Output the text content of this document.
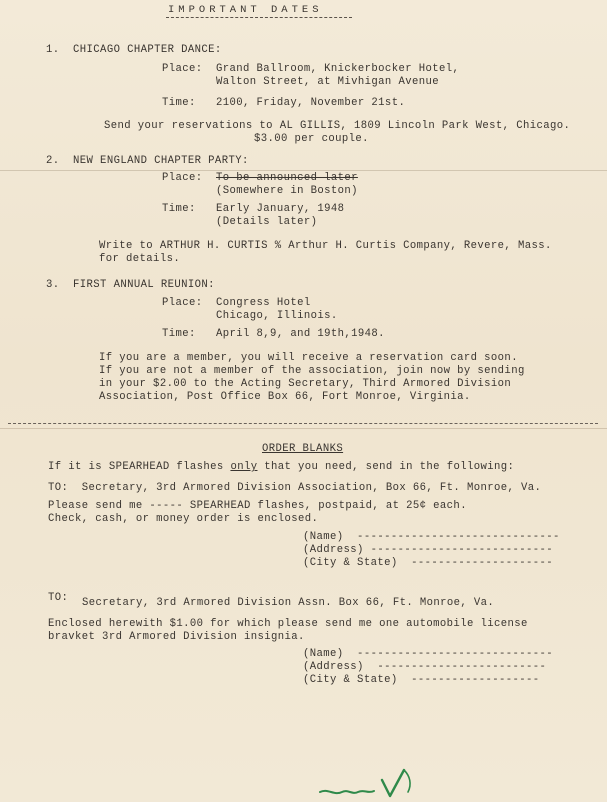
IMPORTANT DATES
1.  CHICAGO CHAPTER DANCE:
Place: Grand Ballroom, Knickerbocker Hotel,
Walton Street, at Mivhigan Avenue
Time: 2100, Friday, November 21st.
Send your reservations to AL GILLIS, 1809 Lincoln Park West, Chicago.
$3.00 per couple.
2.  NEW ENGLAND CHAPTER PARTY:
Place: To be announced later
(Somewhere in Boston)
Time: Early January, 1948
(Details later)
Write to ARTHUR H. CURTIS % Arthur H. Curtis Company, Revere, Mass.
for details.
3.  FIRST ANNUAL REUNION:
Place: Congress Hotel
Chicago, Illinois.
Time: April 8,9, and 19th,1948.
If you are a member, you will receive a reservation card soon.
If you are not a member of the association, join now by sending
in your $2.00 to the Acting Secretary, Third Armored Division
Association, Post Office Box 66, Fort Monroe, Virginia.
ORDER BLANKS
If it is SPEARHEAD flashes only that you need, send in the following:
TO:  Secretary, 3rd Armored Division Association, Box 66, Ft. Monroe, Va.
Please send me ----- SPEARHEAD flashes, postpaid, at 25¢ each.
Check, cash, or money order is enclosed.
(Name)  ------------------------------
(Address) ---------------------------
(City & State)  ---------------------
TO: Secretary, 3rd Armored Division Assn. Box 66, Ft. Monroe, Va.
Enclosed herewith $1.00 for which please send me one automobile license
bravket 3rd Armored Division insignia.
(Name)  -----------------------------
(Address)  -------------------------
(City & State)  -------------------
